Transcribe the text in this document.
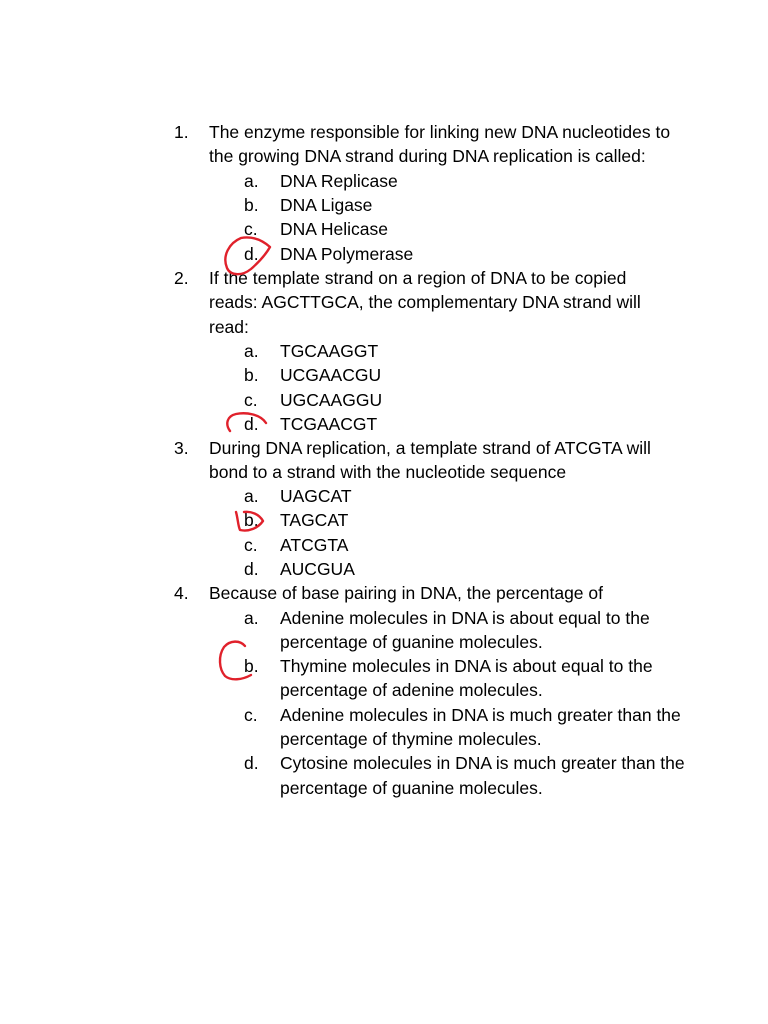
1. The enzyme responsible for linking new DNA nucleotides to
the growing DNA strand during DNA replication is called:
a. DNA Replicase
b. DNA Ligase
c. DNA Helicase
d. DNA Polymerase
2. If the template strand on a region of DNA to be copied
reads: AGCTTGCA, the complementary DNA strand will
read:
a. TGCAAGGT
b. UCGAACGU
c. UGCAAGGU
d. TCGAACGT
3. During DNA replication, a template strand of ATCGTA will
bond to a strand with the nucleotide sequence
a. UAGCAT
b. TAGCAT
c. ATCGTA
d. AUCGUA
4. Because of base pairing in DNA, the percentage of
a. Adenine molecules in DNA is about equal to the
percentage of guanine molecules.
b. Thymine molecules in DNA is about equal to the
percentage of adenine molecules.
c. Adenine molecules in DNA is much greater than the
percentage of thymine molecules.
d. Cytosine molecules in DNA is much greater than the
percentage of guanine molecules.
